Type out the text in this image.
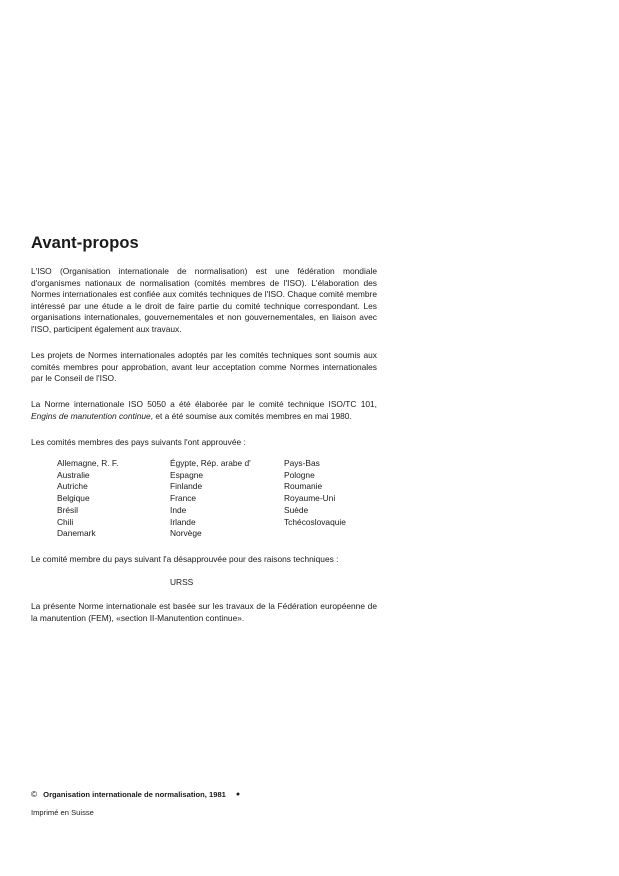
Avant-propos

L'ISO (Organisation internationale de normalisation) est une fédération mondiale d'organismes nationaux de normalisation (comités membres de l'ISO). L'élaboration des Normes internationales est confiée aux comités techniques de l'ISO. Chaque comité membre intéressé par une étude a le droit de faire partie du comité technique correspondant. Les organisations internationales, gouvernementales et non gouvernementales, en liaison avec l'ISO, participent également aux travaux.

Les projets de Normes internationales adoptés par les comités techniques sont soumis aux comités membres pour approbation, avant leur acceptation comme Normes internationales par le Conseil de l'ISO.

La Norme internationale ISO 5050 a été élaborée par le comité technique ISO/TC 101, Engins de manutention continue, et a été soumise aux comités membres en mai 1980.

Les comités membres des pays suivants l'ont approuvée :

Allemagne, R. F.
Australie
Autriche
Belgique
Brésil
Chili
Danemark
Égypte, Rép. arabe d'
Espagne
Finlande
France
Inde
Irlande
Norvège
Pays-Bas
Pologne
Roumanie
Royaume-Uni
Suède
Tchécoslovaquie

Le comité membre du pays suivant l'a désapprouvée pour des raisons techniques :

URSS

La présente Norme internationale est basée sur les travaux de la Fédération européenne de la manutention (FEM), «section II-Manutention continue».

© Organisation internationale de normalisation, 1981 ●

Imprimé en Suisse
